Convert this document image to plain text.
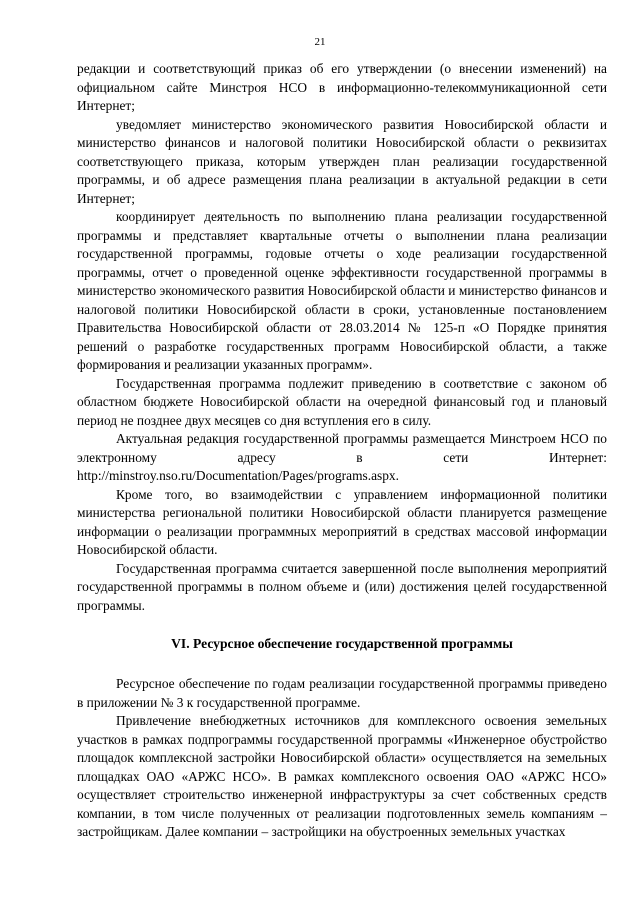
21

редакции и соответствующий приказ об его утверждении (о внесении изменений) на официальном сайте Минстроя НСО в информационно-телекоммуникационной сети Интернет;

уведомляет министерство экономического развития Новосибирской области и министерство финансов и налоговой политики Новосибирской области о реквизитах соответствующего приказа, которым утвержден план реализации государственной программы, и об адресе размещения плана реализации в актуальной редакции в сети Интернет;

координирует деятельность по выполнению плана реализации государственной программы и представляет квартальные отчеты о выполнении плана реализации государственной программы, годовые отчеты о ходе реализации государственной программы, отчет о проведенной оценке эффективности государственной программы в министерство экономического развития Новосибирской области и министерство финансов и налоговой политики Новосибирской области в сроки, установленные постановлением Правительства Новосибирской области от 28.03.2014 № 125-п «О Порядке принятия решений о разработке государственных программ Новосибирской области, а также формирования и реализации указанных программ».

Государственная программа подлежит приведению в соответствие с законом об областном бюджете Новосибирской области на очередной финансовый год и плановый период не позднее двух месяцев со дня вступления его в силу.

Актуальная редакция государственной программы размещается Минстроем НСО по электронному адресу в сети Интернет: http://minstroy.nso.ru/Documentation/Pages/programs.aspx.

Кроме того, во взаимодействии с управлением информационной политики министерства региональной политики Новосибирской области планируется размещение информации о реализации программных мероприятий в средствах массовой информации Новосибирской области.

Государственная программа считается завершенной после выполнения мероприятий государственной программы в полном объеме и (или) достижения целей государственной программы.

VI. Ресурсное обеспечение государственной программы

Ресурсное обеспечение по годам реализации государственной программы приведено в приложении № 3 к государственной программе.

Привлечение внебюджетных источников для комплексного освоения земельных участков в рамках подпрограммы государственной программы «Инженерное обустройство площадок комплексной застройки Новосибирской области» осуществляется на земельных площадках ОАО «АРЖС НСО». В рамках комплексного освоения ОАО «АРЖС НСО» осуществляет строительство инженерной инфраструктуры за счет собственных средств компании, в том числе полученных от реализации подготовленных земель компаниям – застройщикам. Далее компании – застройщики на обустроенных земельных участках
